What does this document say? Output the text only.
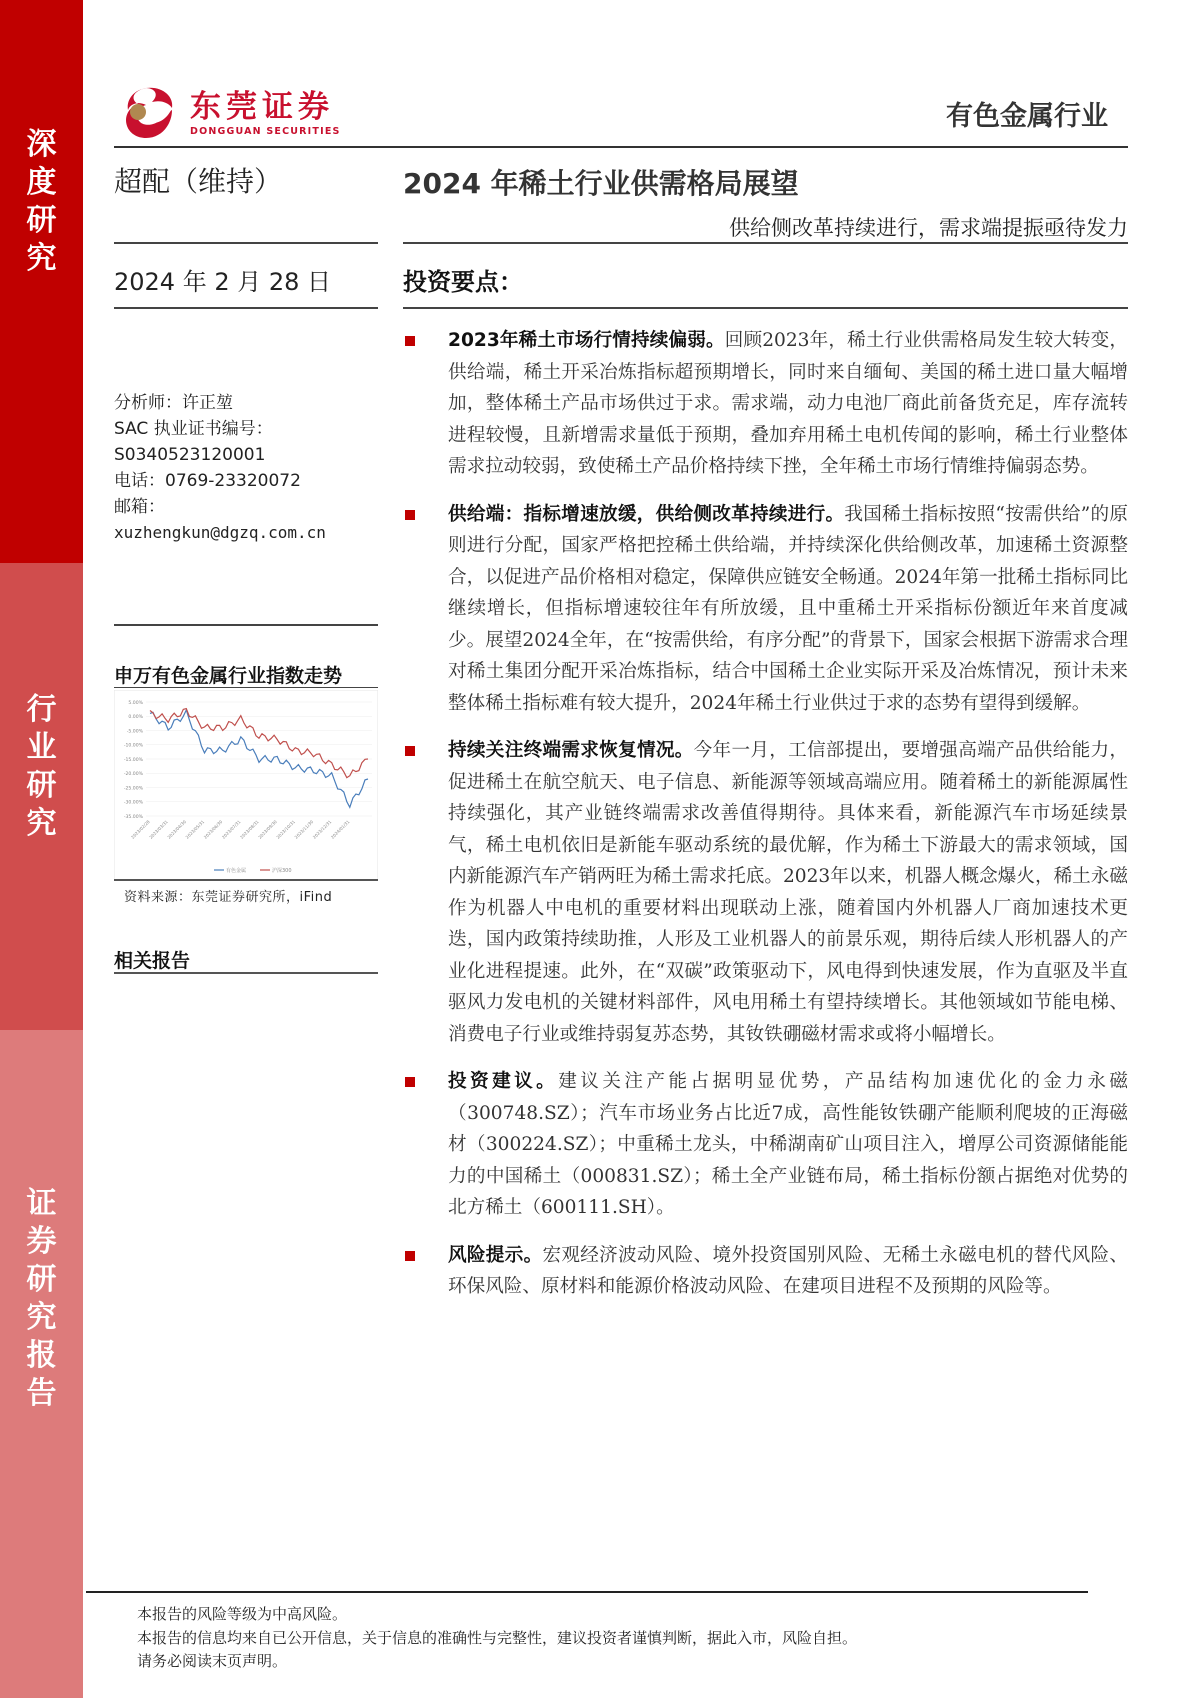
深度研究
行业研究
证券研究报告
东莞证券
DONGGUAN SECURITIES	有色金属行业
超配（维持）
2024 年 2 月 28 日
分析师：许正堃
SAC 执业证书编号：
S0340523120001
电话：0769-23320072
邮箱：
xuzhengkun@dgzq.com.cn
申万有色金属行业指数走势
5.00%
0.00%
-5.00%
-10.00%
-15.00%
-20.00%
-25.00%
-30.00%
-35.00%
2023/02/28
2023/03/31
2023/04/30
2023/05/31
2023/06/30
2023/07/31
2023/08/31
2023/09/30
2023/10/31
2023/11/30
2023/12/31
2024/01/31
有色金属	沪深300
资料来源：东莞证券研究所，iFind
相关报告
2024 年稀土行业供需格局展望
供给侧改革持续进行，需求端提振亟待发力
投资要点：
2023年稀土市场行情持续偏弱。回顾2023年，稀土行业供需格局发生较大转变，供给端，稀土开采冶炼指标超预期增长，同时来自缅甸、美国的稀土进口量大幅增加，整体稀土产品市场供过于求。需求端，动力电池厂商此前备货充足，库存流转进程较慢，且新增需求量低于预期，叠加弃用稀土电机传闻的影响，稀土行业整体需求拉动较弱，致使稀土产品价格持续下挫，全年稀土市场行情维持偏弱态势。
供给端：指标增速放缓，供给侧改革持续进行。我国稀土指标按照“按需供给”的原则进行分配，国家严格把控稀土供给端，并持续深化供给侧改革，加速稀土资源整合，以促进产品价格相对稳定，保障供应链安全畅通。2024年第一批稀土指标同比继续增长，但指标增速较往年有所放缓，且中重稀土开采指标份额近年来首度减少。展望2024全年，在“按需供给，有序分配”的背景下，国家会根据下游需求合理对稀土集团分配开采冶炼指标，结合中国稀土企业实际开采及冶炼情况，预计未来整体稀土指标难有较大提升，2024年稀土行业供过于求的态势有望得到缓解。
持续关注终端需求恢复情况。今年一月，工信部提出，要增强高端产品供给能力，促进稀土在航空航天、电子信息、新能源等领域高端应用。随着稀土的新能源属性持续强化，其产业链终端需求改善值得期待。具体来看，新能源汽车市场延续景气，稀土电机依旧是新能车驱动系统的最优解，作为稀土下游最大的需求领域，国内新能源汽车产销两旺为稀土需求托底。2023年以来，机器人概念爆火，稀土永磁作为机器人中电机的重要材料出现联动上涨，随着国内外机器人厂商加速技术更迭，国内政策持续助推，人形及工业机器人的前景乐观，期待后续人形机器人的产业化进程提速。此外，在“双碳”政策驱动下，风电得到快速发展，作为直驱及半直驱风力发电机的关键材料部件，风电用稀土有望持续增长。其他领域如节能电梯、消费电子行业或维持弱复苏态势，其钕铁硼磁材需求或将小幅增长。
投资建议。建议关注产能占据明显优势，产品结构加速优化的金力永磁（300748.SZ）；汽车市场业务占比近7成，高性能钕铁硼产能顺利爬坡的正海磁材（300224.SZ）；中重稀土龙头，中稀湖南矿山项目注入，增厚公司资源储能能力的中国稀土（000831.SZ）；稀土全产业链布局，稀土指标份额占据绝对优势的北方稀土（600111.SH）。
风险提示。宏观经济波动风险、境外投资国别风险、无稀土永磁电机的替代风险、环保风险、原材料和能源价格波动风险、在建项目进程不及预期的风险等。
本报告的风险等级为中高风险。
本报告的信息均来自已公开信息，关于信息的准确性与完整性，建议投资者谨慎判断，据此入市，风险自担。
请务必阅读末页声明。
